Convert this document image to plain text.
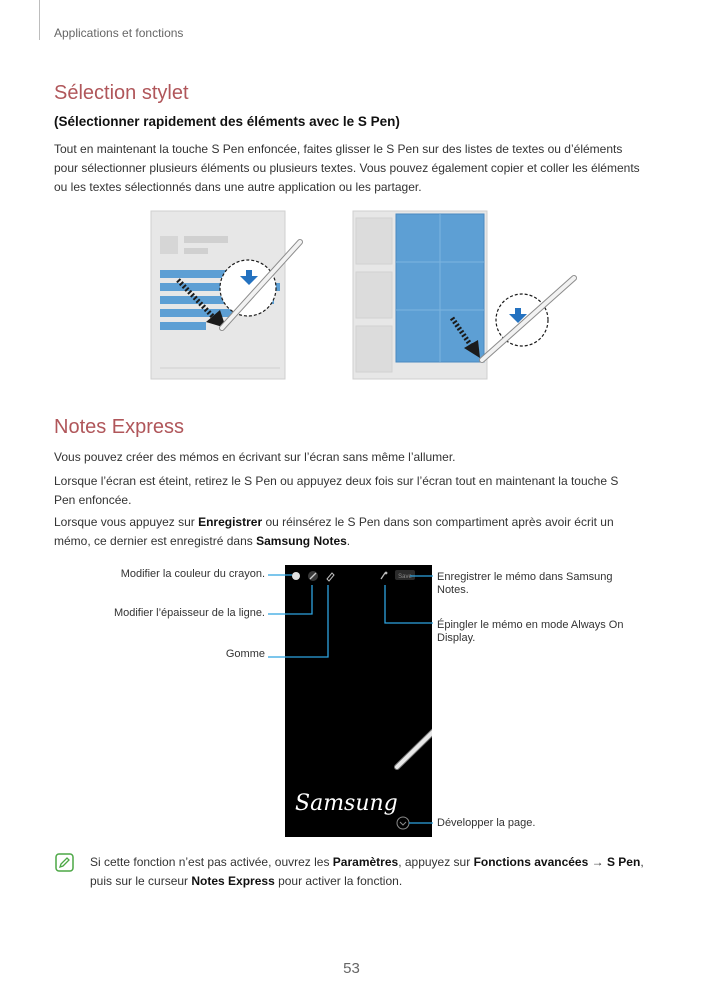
Applications et fonctions
Sélection stylet
(Sélectionner rapidement des éléments avec le S Pen)

Tout en maintenant la touche S Pen enfoncée, faites glisser le S Pen sur des listes de textes ou d’éléments pour sélectionner plusieurs éléments ou plusieurs textes. Vous pouvez également copier et coller les éléments ou les textes sélectionnés dans une autre application ou les partager.

Notes Express

Vous pouvez créer des mémos en écrivant sur l’écran sans même l’allumer.

Lorsque l’écran est éteint, retirez le S Pen ou appuyez deux fois sur l’écran tout en maintenant la touche S Pen enfoncée.

Lorsque vous appuyez sur Enregistrer ou réinsérez le S Pen dans son compartiment après avoir écrit un mémo, ce dernier est enregistré dans Samsung Notes.

Save
Samsung
Modifier la couleur du crayon.
Modifier l’épaisseur de la ligne.
Gomme
Enregistrer le mémo dans Samsung Notes.
Épingler le mémo en mode Always On Display.
Développer la page.

Si cette fonction n’est pas activée, ouvrez les Paramètres, appuyez sur Fonctions avancées → S Pen, puis sur le curseur Notes Express pour activer la fonction.

53
